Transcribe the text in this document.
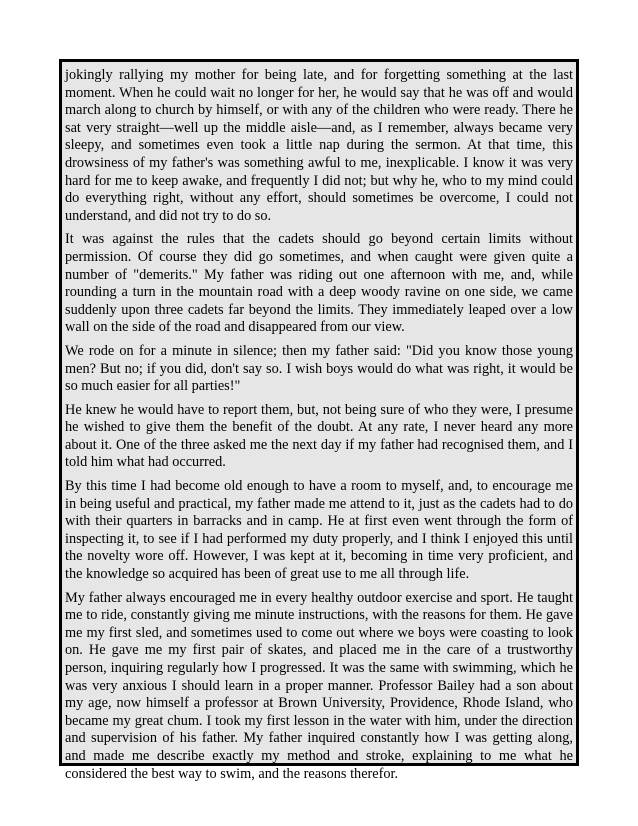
jokingly rallying my mother for being late, and for forgetting something at the last moment. When he could wait no longer for her, he would say that he was off and would march along to church by himself, or with any of the children who were ready. There he sat very straight—well up the middle aisle—and, as I remember, always became very sleepy, and sometimes even took a little nap during the sermon. At that time, this drowsiness of my father's was something awful to me, inexplicable. I know it was very hard for me to keep awake, and frequently I did not; but why he, who to my mind could do everything right, without any effort, should sometimes be overcome, I could not understand, and did not try to do so.

It was against the rules that the cadets should go beyond certain limits without permission. Of course they did go sometimes, and when caught were given quite a number of "demerits." My father was riding out one afternoon with me, and, while rounding a turn in the mountain road with a deep woody ravine on one side, we came suddenly upon three cadets far beyond the limits. They immediately leaped over a low wall on the side of the road and disappeared from our view.

We rode on for a minute in silence; then my father said: "Did you know those young men? But no; if you did, don't say so. I wish boys would do what was right, it would be so much easier for all parties!"

He knew he would have to report them, but, not being sure of who they were, I presume he wished to give them the benefit of the doubt. At any rate, I never heard any more about it. One of the three asked me the next day if my father had recognised them, and I told him what had occurred.

By this time I had become old enough to have a room to myself, and, to encourage me in being useful and practical, my father made me attend to it, just as the cadets had to do with their quarters in barracks and in camp. He at first even went through the form of inspecting it, to see if I had performed my duty properly, and I think I enjoyed this until the novelty wore off. However, I was kept at it, becoming in time very proficient, and the knowledge so acquired has been of great use to me all through life.

My father always encouraged me in every healthy outdoor exercise and sport. He taught me to ride, constantly giving me minute instructions, with the reasons for them. He gave me my first sled, and sometimes used to come out where we boys were coasting to look on. He gave me my first pair of skates, and placed me in the care of a trustworthy person, inquiring regularly how I progressed. It was the same with swimming, which he was very anxious I should learn in a proper manner. Professor Bailey had a son about my age, now himself a professor at Brown University, Providence, Rhode Island, who became my great chum. I took my first lesson in the water with him, under the direction and supervision of his father. My father inquired constantly how I was getting along, and made me describe exactly my method and stroke, explaining to me what he considered the best way to swim, and the reasons therefor.
